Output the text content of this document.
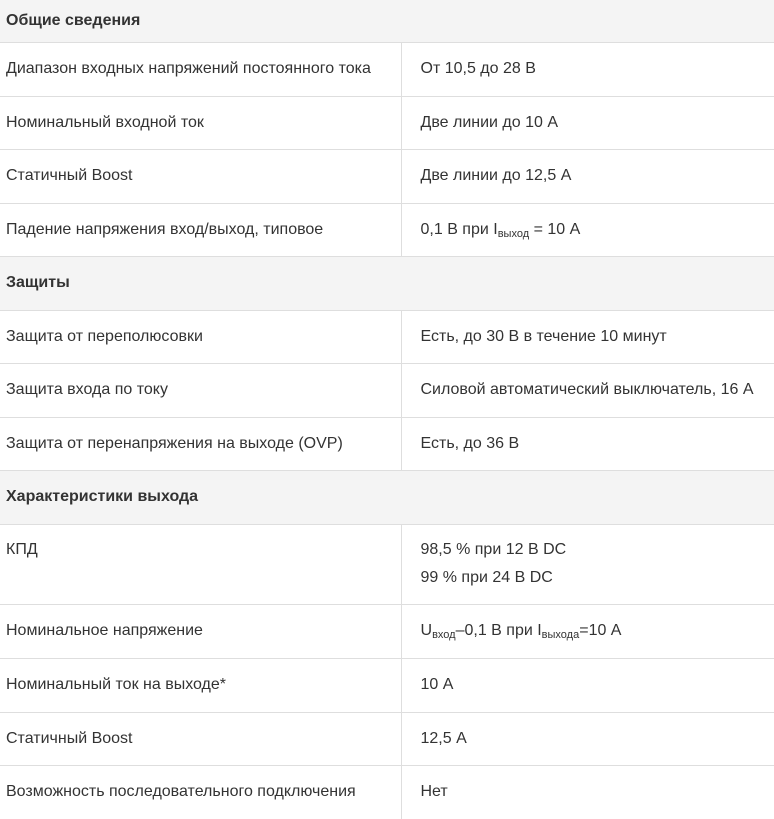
Общие сведения	
Диапазон входных напряжений постоянного тока	От 10,5 до 28 В
Номинальный входной ток	Две линии до 10 А
Статичный Boost	Две линии до 12,5 А
Падение напряжения вход/выход, типовое	0,1 В при $I_{выход} = 10$ А
Защиты	
Защита от переполюсовки	Есть, до 30 В в течение 10 минут
Защита входа по току	Силовой автоматический выключатель, 16 А
Защита от перенапряжения на выходе (OVP)	Есть, до 36 В
Характеристики выхода	
КПД	98,5 % при 12 В DC
99 % при 24 В DC

Номинальное напряжение	$U_{вход}-0,1$ В при $I_{выхода}=10$ А
Номинальный ток на выходе*	10 А
Статичный Boost	12,5 А
Возможность последовательного подключения	Нет
